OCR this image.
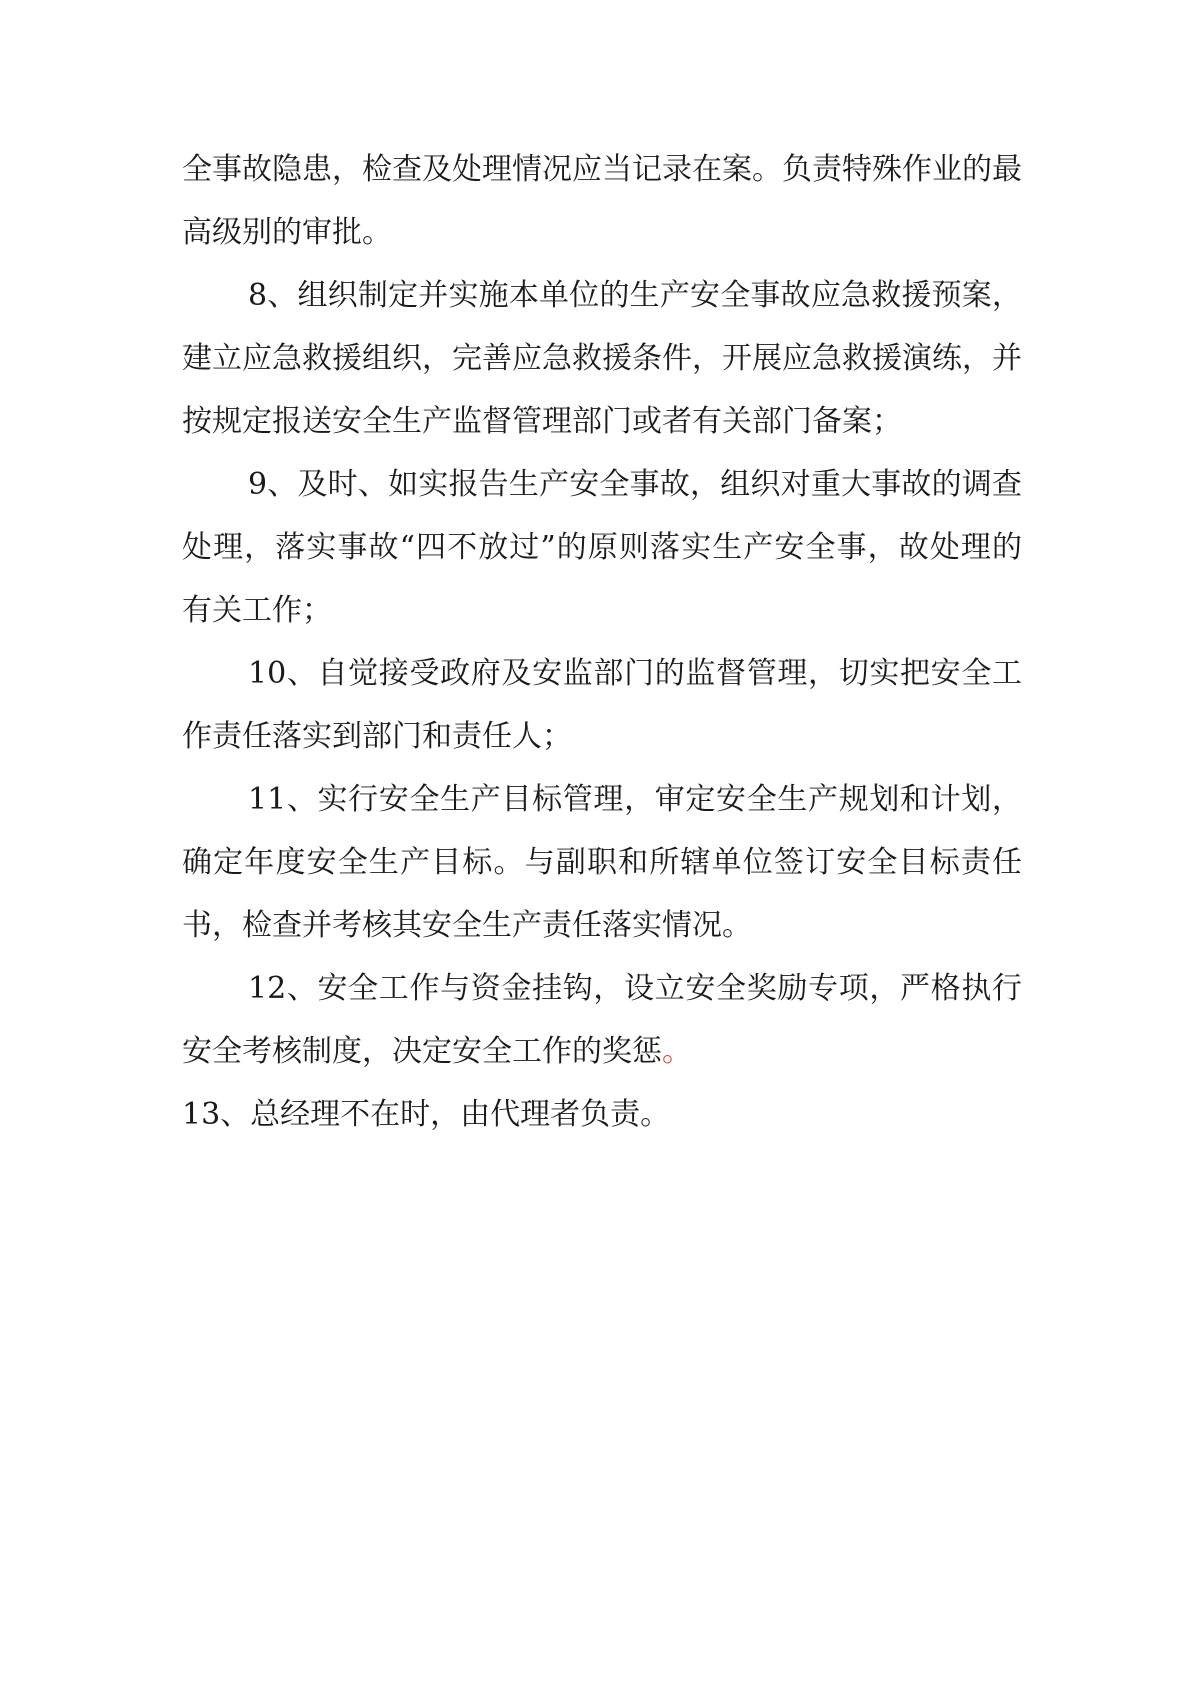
全事故隐患，检查及处理情况应当记录在案。负责特殊作业的最高级别的审批。

8、组织制定并实施本单位的生产安全事故应急救援预案，建立应急救援组织，完善应急救援条件，开展应急救援演练，并按规定报送安全生产监督管理部门或者有关部门备案；

9、及时、如实报告生产安全事故，组织对重大事故的调查处理，落实事故“四不放过”的原则落实生产安全事，故处理的有关工作；

10、自觉接受政府及安监部门的监督管理，切实把安全工作责任落实到部门和责任人；

11、实行安全生产目标管理，审定安全生产规划和计划，确定年度安全生产目标。与副职和所辖单位签订安全目标责任书，检查并考核其安全生产责任落实情况。

12、安全工作与资金挂钩，设立安全奖励专项，严格执行安全考核制度，决定安全工作的奖惩。

13、总经理不在时，由代理者负责。
